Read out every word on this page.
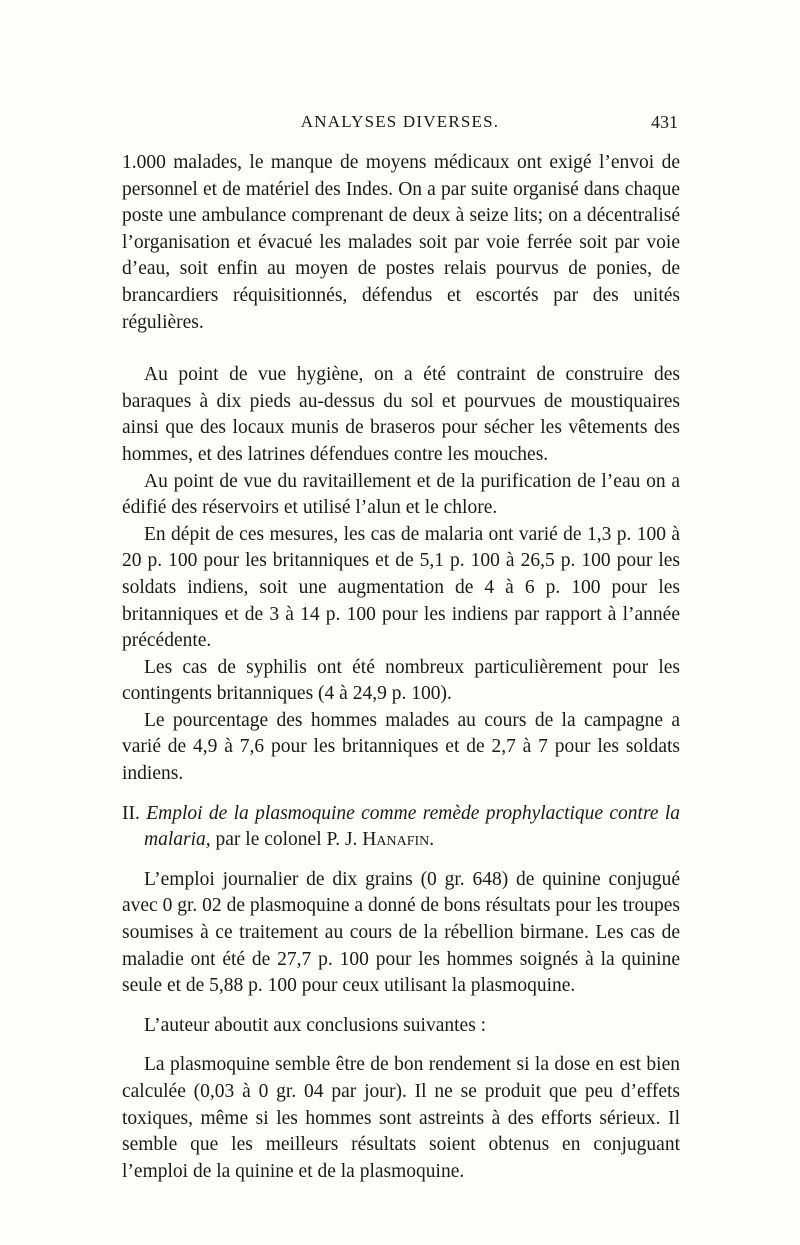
ANALYSES DIVERSES.	431

1.000 malades, le manque de moyens médicaux ont exigé l’envoi de personnel et de matériel des Indes. On a par suite organisé dans chaque poste une ambulance comprenant de deux à seize lits; on a décentralisé l’organisation et évacué les malades soit par voie ferrée soit par voie d’eau, soit enfin au moyen de postes relais pourvus de ponies, de brancardiers réquisitionnés, défendus et escortés par des unités régulières.

Au point de vue hygiène, on a été contraint de construire des baraques à dix pieds au-dessus du sol et pourvues de moustiquaires ainsi que des locaux munis de braseros pour sécher les vêtements des hommes, et des latrines défendues contre les mouches.

Au point de vue du ravitaillement et de la purification de l’eau on a édifié des réservoirs et utilisé l’alun et le chlore.

En dépit de ces mesures, les cas de malaria ont varié de 1,3 p. 100 à 20 p. 100 pour les britanniques et de 5,1 p. 100 à 26,5 p. 100 pour les soldats indiens, soit une augmentation de 4 à 6 p. 100 pour les britanniques et de 3 à 14 p. 100 pour les indiens par rapport à l’année précédente.

Les cas de syphilis ont été nombreux particulièrement pour les contingents britanniques (4 à 24,9 p. 100).

Le pourcentage des hommes malades au cours de la campagne a varié de 4,9 à 7,6 pour les britanniques et de 2,7 à 7 pour les soldats indiens.

II. Emploi de la plasmoquine comme remède prophylactique contre la malaria, par le colonel P. J. Hanafin.

L’emploi journalier de dix grains (0 gr. 648) de quinine conjugué avec 0 gr. 02 de plasmoquine a donné de bons résultats pour les troupes soumises à ce traitement au cours de la rébellion birmane. Les cas de maladie ont été de 27,7 p. 100 pour les hommes soignés à la quinine seule et de 5,88 p. 100 pour ceux utilisant la plasmoquine.

L’auteur aboutit aux conclusions suivantes :

La plasmoquine semble être de bon rendement si la dose en est bien calculée (0,03 à 0 gr. 04 par jour). Il ne se produit que peu d’effets toxiques, même si les hommes sont astreints à des efforts sérieux. Il semble que les meilleurs résultats soient obtenus en conjuguant l’emploi de la quinine et de la plasmoquine.
